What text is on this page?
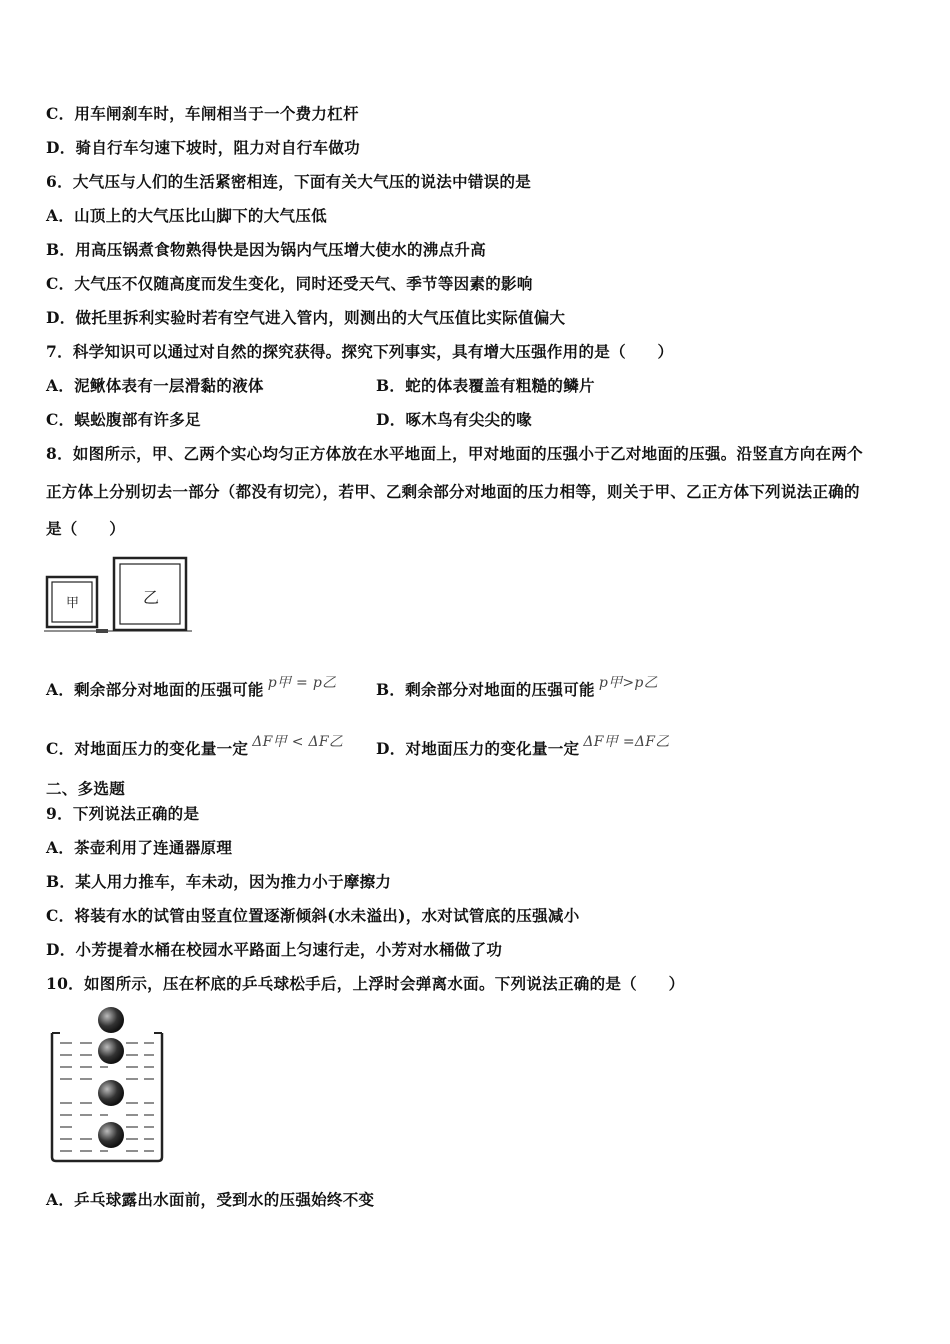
C．用车闸刹车时，车闸相当于一个费力杠杆
D．骑自行车匀速下坡时，阻力对自行车做功
6．大气压与人们的生活紧密相连，下面有关大气压的说法中错误的是
A．山顶上的大气压比山脚下的大气压低
B．用高压锅煮食物熟得快是因为锅内气压增大使水的沸点升高
C．大气压不仅随高度而发生变化，同时还受天气、季节等因素的影响
D．做托里拆利实验时若有空气进入管内，则测出的大气压值比实际值偏大
7．科学知识可以通过对自然的探究获得。探究下列事实，具有增大压强作用的是（　　）
A．泥鳅体表有一层滑黏的液体	B．蛇的体表覆盖有粗糙的鳞片
C．蜈蚣腹部有许多足	D．啄木鸟有尖尖的喙
8．如图所示，甲、乙两个实心均匀正方体放在水平地面上，甲对地面的压强小于乙对地面的压强。沿竖直方向在两个
正方体上分别切去一部分（都没有切完），若甲、乙剩余部分对地面的压力相等，则关于甲、乙正方体下列说法正确的
是（　　）
甲	乙
A．剩余部分对地面的压强可能 p甲 = p乙	B．剩余部分对地面的压强可能 p甲>p乙
C．对地面压力的变化量一定 ΔF甲 < ΔF乙 D．对地面压力的变化量一定 ΔF甲 =ΔF乙
二、多选题
9．下列说法正确的是
A．茶壶利用了连通器原理
B．某人用力推车，车未动，因为推力小于摩擦力
C．将装有水的试管由竖直位置逐渐倾斜(水未溢出)，水对试管底的压强减小
D．小芳提着水桶在校园水平路面上匀速行走，小芳对水桶做了功
10．如图所示，压在杯底的乒乓球松手后，上浮时会弹离水面。下列说法正确的是（　　）
A．乒乓球露出水面前，受到水的压强始终不变
